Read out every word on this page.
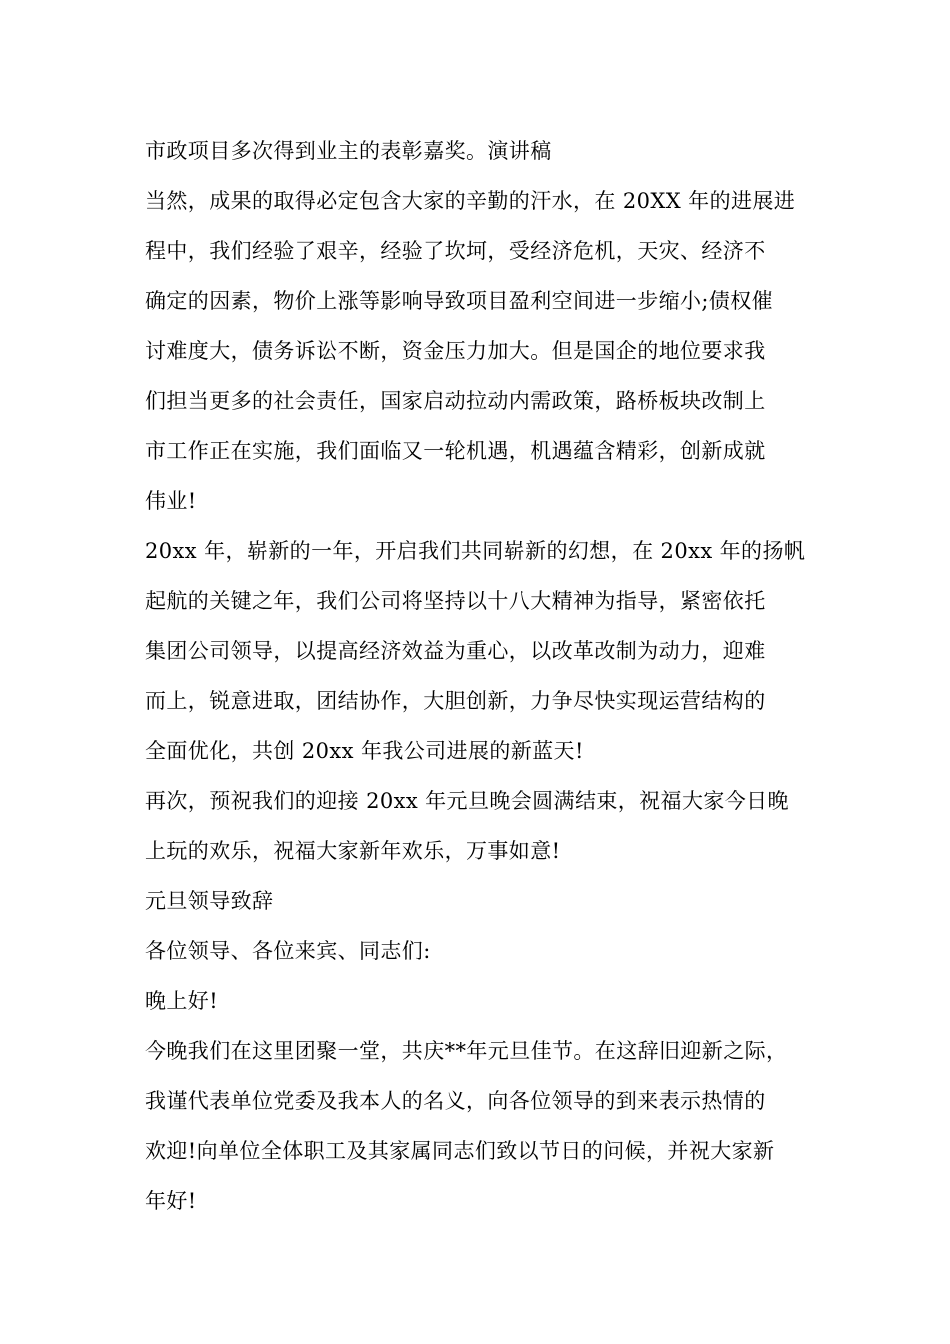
市政项目多次得到业主的表彰嘉奖。演讲稿

当然，成果的取得必定包含大家的辛勤的汗水，在 20XX 年的进展进
程中，我们经验了艰辛，经验了坎坷，受经济危机，天灾、经济不
确定的因素，物价上涨等影响导致项目盈利空间进一步缩小;债权催
讨难度大，债务诉讼不断，资金压力加大。但是国企的地位要求我
们担当更多的社会责任，国家启动拉动内需政策，路桥板块改制上
市工作正在实施，我们面临又一轮机遇，机遇蕴含精彩，创新成就
伟业!

20xx 年，崭新的一年，开启我们共同崭新的幻想，在 20xx 年的扬帆
起航的关键之年，我们公司将坚持以十八大精神为指导，紧密依托
集团公司领导，以提高经济效益为重心，以改革改制为动力，迎难
而上，锐意进取，团结协作，大胆创新，力争尽快实现运营结构的
全面优化，共创 20xx 年我公司进展的新蓝天!

再次，预祝我们的迎接 20xx 年元旦晚会圆满结束，祝福大家今日晚
上玩的欢乐，祝福大家新年欢乐，万事如意!

元旦领导致辞

各位领导、各位来宾、同志们:

晚上好!

今晚我们在这里团聚一堂，共庆**年元旦佳节。在这辞旧迎新之际，
我谨代表单位党委及我本人的名义，向各位领导的到来表示热情的
欢迎!向单位全体职工及其家属同志们致以节日的问候，并祝大家新
年好!
